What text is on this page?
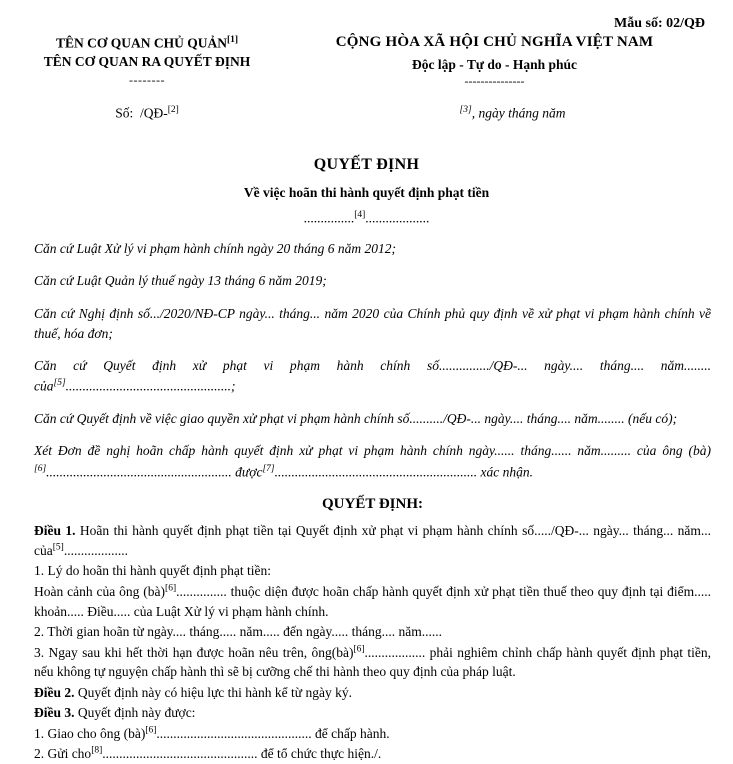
Mẫu số: 02/QĐ
TÊN CƠ QUAN CHỦ QUẢN[1]
TÊN CƠ QUAN RA QUYẾT ĐỊNH
--------
CỘNG HÒA XÃ HỘI CHỦ NGHĨA VIỆT NAM
Độc lập - Tự do - Hạnh phúc
---------------
Số: /QĐ-[2]	[3], ngày tháng năm
QUYẾT ĐỊNH
Về việc hoãn thi hành quyết định phạt tiền
...............[4]...................
Căn cứ Luật Xử lý vi phạm hành chính ngày 20 tháng 6 năm 2012;
Căn cứ Luật Quản lý thuế ngày 13 tháng 6 năm 2019;
Căn cứ Nghị định số.../2020/NĐ-CP ngày... tháng... năm 2020 của Chính phủ quy định về xử phạt vi phạm hành chính về thuế, hóa đơn;
Căn cứ Quyết định xử phạt vi phạm hành chính số.............../QĐ-... ngày.... tháng.... năm........ của[5].................................................;
Căn cứ Quyết định về việc giao quyền xử phạt vi phạm hành chính số........../QĐ-... ngày.... tháng.... năm........ (nếu có);
Xét Đơn đề nghị hoãn chấp hành quyết định xử phạt vi phạm hành chính ngày...... tháng...... năm......... của ông (bà)[6]....................................................... được[7]............................................................ xác nhận.
QUYẾT ĐỊNH:
Điều 1. Hoãn thi hành quyết định phạt tiền tại Quyết định xử phạt vi phạm hành chính số...../QĐ-... ngày... tháng... năm... của[5]...................
1. Lý do hoãn thi hành quyết định phạt tiền:
Hoàn cảnh của ông (bà)[6]............... thuộc diện được hoãn chấp hành quyết định xử phạt tiền thuế theo quy định tại điểm..... khoản..... Điều..... của Luật Xử lý vi phạm hành chính.
2. Thời gian hoãn từ ngày.... tháng..... năm..... đến ngày..... tháng.... năm......
3. Ngay sau khi hết thời hạn được hoãn nêu trên, ông(bà)[6].................. phải nghiêm chỉnh chấp hành quyết định phạt tiền, nếu không tự nguyện chấp hành thì sẽ bị cưỡng chế thi hành theo quy định của pháp luật.
Điều 2. Quyết định này có hiệu lực thi hành kể từ ngày ký.
Điều 3. Quyết định này được:
1. Giao cho ông (bà)[6].............................................. để chấp hành.
2. Gửi cho[8].............................................. để tổ chức thực hiện./.
